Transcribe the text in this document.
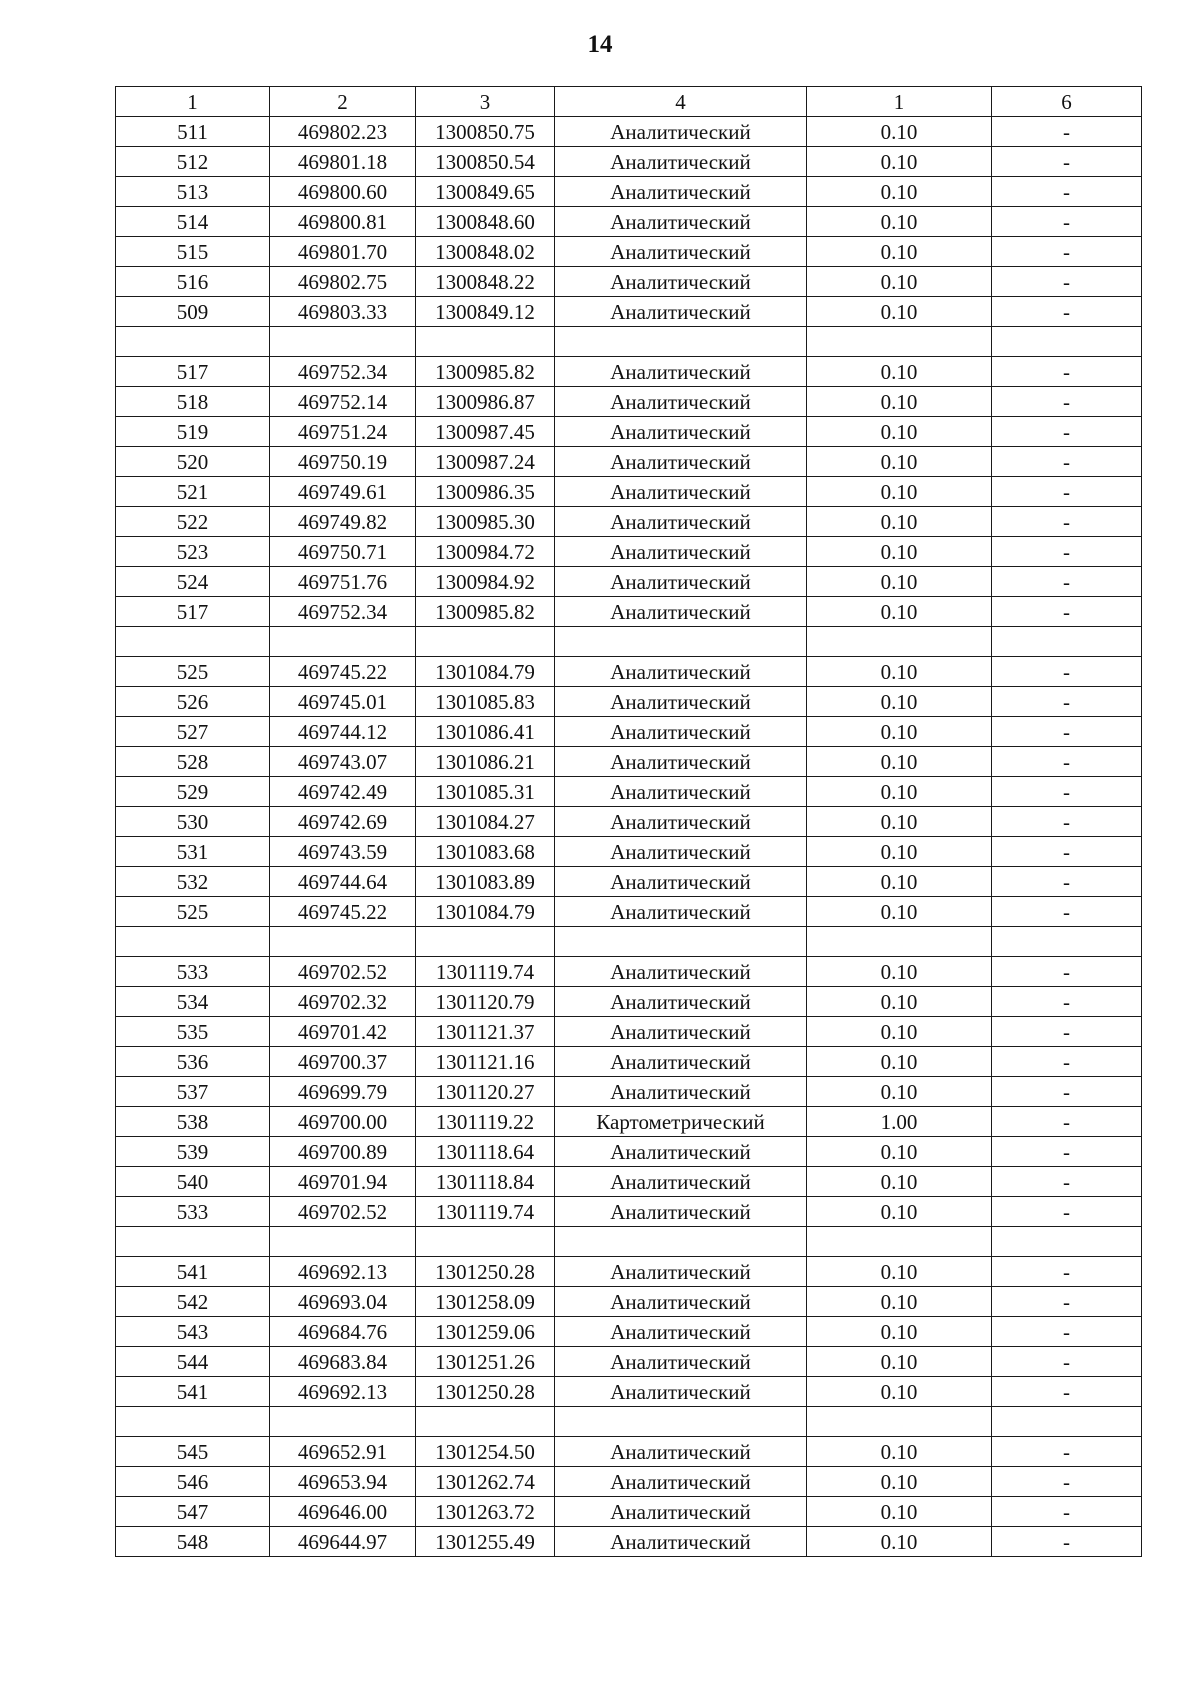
14
1	2	3	4	1	6
511	469802.23	1300850.75	Аналитический	0.10	-
512	469801.18	1300850.54	Аналитический	0.10	-
513	469800.60	1300849.65	Аналитический	0.10	-
514	469800.81	1300848.60	Аналитический	0.10	-
515	469801.70	1300848.02	Аналитический	0.10	-
516	469802.75	1300848.22	Аналитический	0.10	-
509	469803.33	1300849.12	Аналитический	0.10	-

517	469752.34	1300985.82	Аналитический	0.10	-
518	469752.14	1300986.87	Аналитический	0.10	-
519	469751.24	1300987.45	Аналитический	0.10	-
520	469750.19	1300987.24	Аналитический	0.10	-
521	469749.61	1300986.35	Аналитический	0.10	-
522	469749.82	1300985.30	Аналитический	0.10	-
523	469750.71	1300984.72	Аналитический	0.10	-
524	469751.76	1300984.92	Аналитический	0.10	-
517	469752.34	1300985.82	Аналитический	0.10	-

525	469745.22	1301084.79	Аналитический	0.10	-
526	469745.01	1301085.83	Аналитический	0.10	-
527	469744.12	1301086.41	Аналитический	0.10	-
528	469743.07	1301086.21	Аналитический	0.10	-
529	469742.49	1301085.31	Аналитический	0.10	-
530	469742.69	1301084.27	Аналитический	0.10	-
531	469743.59	1301083.68	Аналитический	0.10	-
532	469744.64	1301083.89	Аналитический	0.10	-
525	469745.22	1301084.79	Аналитический	0.10	-

533	469702.52	1301119.74	Аналитический	0.10	-
534	469702.32	1301120.79	Аналитический	0.10	-
535	469701.42	1301121.37	Аналитический	0.10	-
536	469700.37	1301121.16	Аналитический	0.10	-
537	469699.79	1301120.27	Аналитический	0.10	-
538	469700.00	1301119.22	Картометрический	1.00	-
539	469700.89	1301118.64	Аналитический	0.10	-
540	469701.94	1301118.84	Аналитический	0.10	-
533	469702.52	1301119.74	Аналитический	0.10	-

541	469692.13	1301250.28	Аналитический	0.10	-
542	469693.04	1301258.09	Аналитический	0.10	-
543	469684.76	1301259.06	Аналитический	0.10	-
544	469683.84	1301251.26	Аналитический	0.10	-
541	469692.13	1301250.28	Аналитический	0.10	-

545	469652.91	1301254.50	Аналитический	0.10	-
546	469653.94	1301262.74	Аналитический	0.10	-
547	469646.00	1301263.72	Аналитический	0.10	-
548	469644.97	1301255.49	Аналитический	0.10	-
